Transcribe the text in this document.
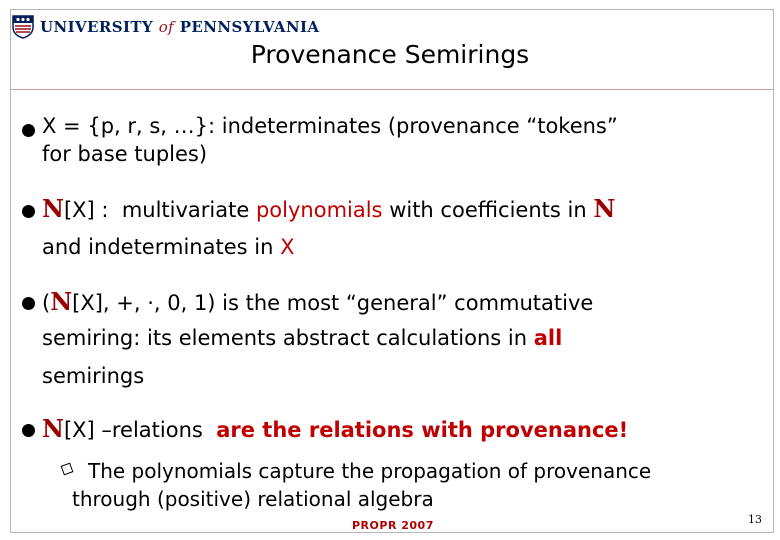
UNIVERSITY of PENNSYLVANIA
Provenance Semirings
X = {p, r, s, …}: indeterminates (provenance “tokens”
for base tuples)
N[X] : multivariate polynomials with coefficients in N
and indeterminates in X
(N[X], +, ·, 0, 1) is the most “general” commutative
semiring: its elements abstract calculations in all
semirings
N[X] –relations are the relations with provenance!
The polynomials capture the propagation of provenance
through (positive) relational algebra
PROPR 2007	13
